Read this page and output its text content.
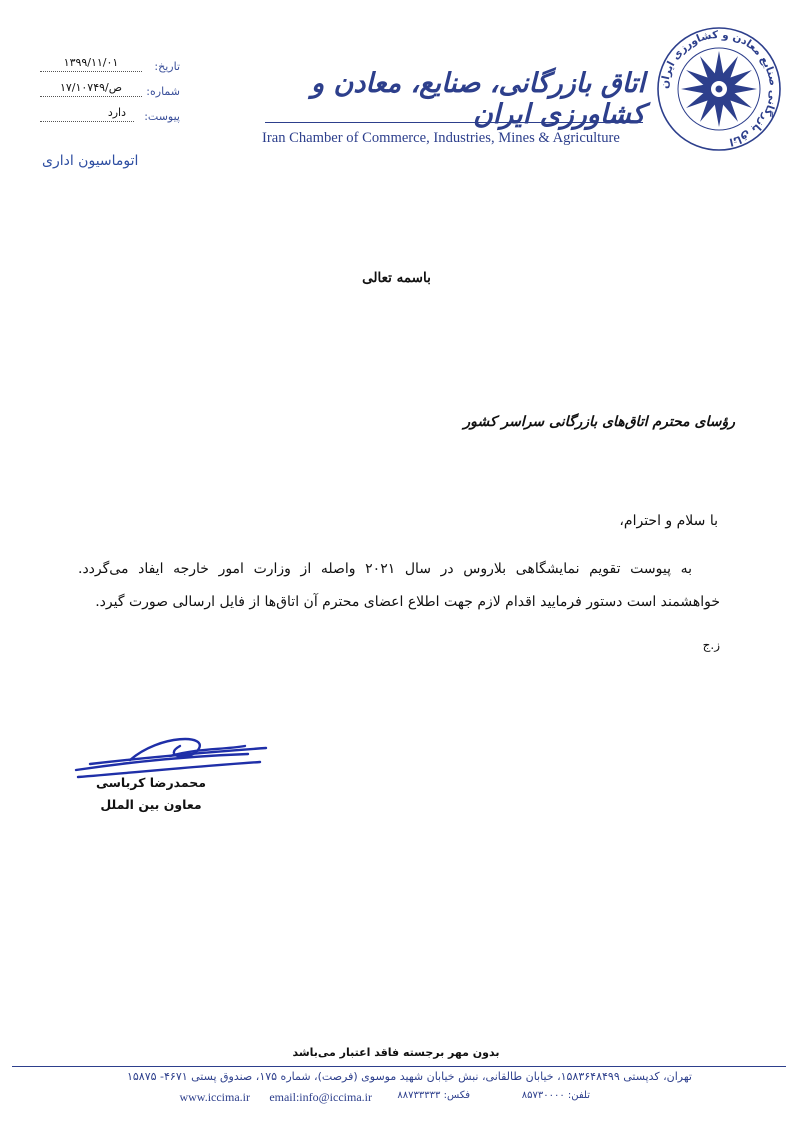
تاریخ:
۱۳۹۹/۱۱/۰۱
شماره:
ص/۱۷/۱۰۷۴۹
پیوست:
دارد
اتوماسیون اداری
اتاق بازرگانی، صنایع، معادن و کشاورزی ایران
Iran Chamber of Commerce, Industries, Mines & Agriculture
اتاق بازرگانی صنایع معادن و کشاورزی ایران
باسمه تعالی
رؤسای محترم اتاق‌های بازرگانی سراسر کشور
با سلام و احترام،

به پیوست تقویم نمایشگاهی بلاروس در سال ۲۰۲۱ واصله از وزارت امور خارجه ایفاد می‌گردد.

خواهشمند است دستور فرمایید اقدام لازم جهت اطلاع اعضای محترم آن اتاق‌ها از فایل ارسالی صورت گیرد.

ز.ج
محمدرضا کرباسی
معاون بین الملل
بدون مهر برجسته فاقد اعتبار می‌باشد
تهران، کدپستی ۱۵۸۳۶۴۸۴۹۹، خیابان طالقانی، نبش خیابان شهید موسوی (فرصت)، شماره ۱۷۵، صندوق پستی ۴۶۷۱- ۱۵۸۷۵
تلفن: ۸۵۷۳۰۰۰۰
فکس: ۸۸۷۳۳۳۳۳
email:info@iccima.ir
www.iccima.ir
